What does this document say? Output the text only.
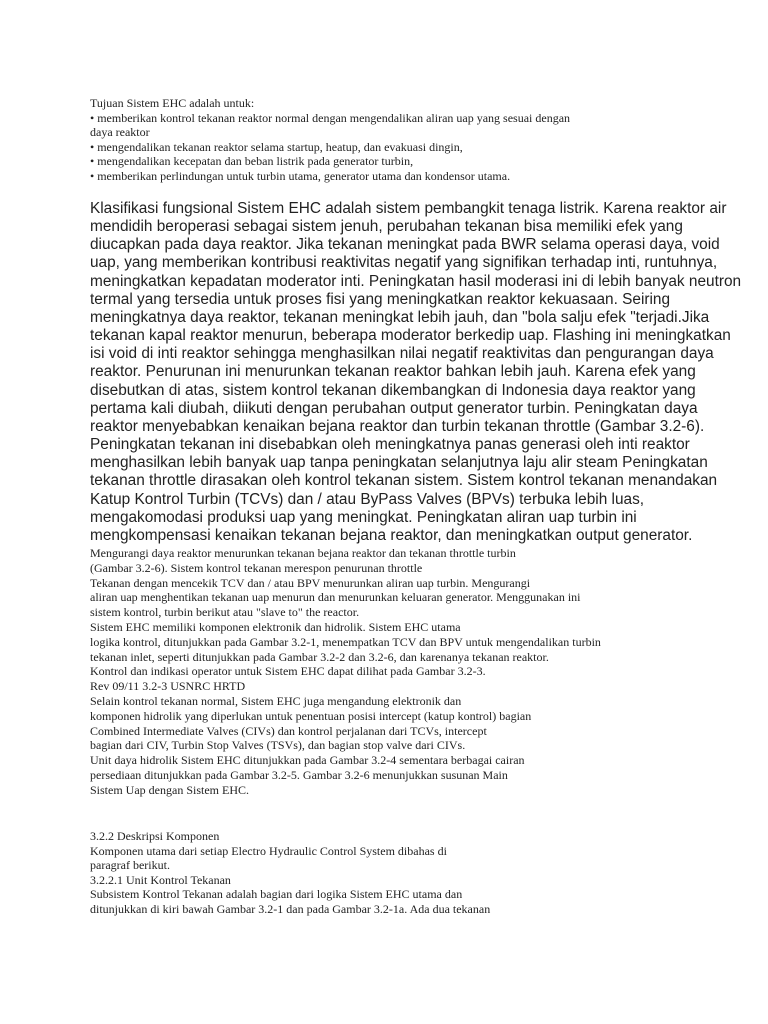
Tujuan Sistem EHC adalah untuk:
• memberikan kontrol tekanan reaktor normal dengan mengendalikan aliran uap yang sesuai dengan
daya reaktor
• mengendalikan tekanan reaktor selama startup, heatup, dan evakuasi dingin,
• mengendalikan kecepatan dan beban listrik pada generator turbin,
• memberikan perlindungan untuk turbin utama, generator utama dan kondensor utama.
Klasifikasi fungsional Sistem EHC adalah sistem pembangkit tenaga listrik. Karena reaktor air
mendidih beroperasi sebagai sistem jenuh, perubahan tekanan bisa memiliki efek yang
diucapkan pada daya reaktor. Jika tekanan meningkat pada BWR selama operasi daya, void
uap, yang memberikan kontribusi reaktivitas negatif yang signifikan terhadap inti, runtuhnya,
meningkatkan kepadatan moderator inti. Peningkatan hasil moderasi ini di lebih banyak neutron
termal yang tersedia untuk proses fisi yang meningkatkan reaktor kekuasaan. Seiring
meningkatnya daya reaktor, tekanan meningkat lebih jauh, dan "bola salju efek "terjadi.Jika
tekanan kapal reaktor menurun, beberapa moderator berkedip uap. Flashing ini meningkatkan
isi void di inti reaktor sehingga menghasilkan nilai negatif reaktivitas dan pengurangan daya
reaktor. Penurunan ini menurunkan tekanan reaktor bahkan lebih jauh. Karena efek yang
disebutkan di atas, sistem kontrol tekanan dikembangkan di Indonesia daya reaktor yang
pertama kali diubah, diikuti dengan perubahan output generator turbin. Peningkatan daya
reaktor menyebabkan kenaikan bejana reaktor dan turbin tekanan throttle (Gambar 3.2-6).
Peningkatan tekanan ini disebabkan oleh meningkatnya panas generasi oleh inti reaktor
menghasilkan lebih banyak uap tanpa peningkatan selanjutnya laju alir steam Peningkatan
tekanan throttle dirasakan oleh kontrol tekanan sistem. Sistem kontrol tekanan menandakan
Katup Kontrol Turbin (TCVs) dan / atau ByPass Valves (BPVs) terbuka lebih luas,
mengakomodasi produksi uap yang meningkat. Peningkatan aliran uap turbin ini
mengkompensasi kenaikan tekanan bejana reaktor, dan meningkatkan output generator.
Mengurangi daya reaktor menurunkan tekanan bejana reaktor dan tekanan throttle turbin
(Gambar 3.2-6). Sistem kontrol tekanan merespon penurunan throttle
Tekanan dengan mencekik TCV dan / atau BPV menurunkan aliran uap turbin. Mengurangi
aliran uap menghentikan tekanan uap menurun dan menurunkan keluaran generator. Menggunakan ini
sistem kontrol, turbin berikut atau "slave to" the reactor.
Sistem EHC memiliki komponen elektronik dan hidrolik. Sistem EHC utama
logika kontrol, ditunjukkan pada Gambar 3.2-1, menempatkan TCV dan BPV untuk mengendalikan turbin
tekanan inlet, seperti ditunjukkan pada Gambar 3.2-2 dan 3.2-6, dan karenanya tekanan reaktor.
Kontrol dan indikasi operator untuk Sistem EHC dapat dilihat pada Gambar 3.2-3.
Rev 09/11 3.2-3 USNRC HRTD
Selain kontrol tekanan normal, Sistem EHC juga mengandung elektronik dan
komponen hidrolik yang diperlukan untuk penentuan posisi intercept (katup kontrol) bagian
Combined Intermediate Valves (CIVs) dan kontrol perjalanan dari TCVs, intercept
bagian dari CIV, Turbin Stop Valves (TSVs), dan bagian stop valve dari CIVs.
Unit daya hidrolik Sistem EHC ditunjukkan pada Gambar 3.2-4 sementara berbagai cairan
persediaan ditunjukkan pada Gambar 3.2-5. Gambar 3.2-6 menunjukkan susunan Main
Sistem Uap dengan Sistem EHC.
3.2.2 Deskripsi Komponen
Komponen utama dari setiap Electro Hydraulic Control System dibahas di
paragraf berikut.
3.2.2.1 Unit Kontrol Tekanan
Subsistem Kontrol Tekanan adalah bagian dari logika Sistem EHC utama dan
ditunjukkan di kiri bawah Gambar 3.2-1 dan pada Gambar 3.2-1a. Ada dua tekanan
